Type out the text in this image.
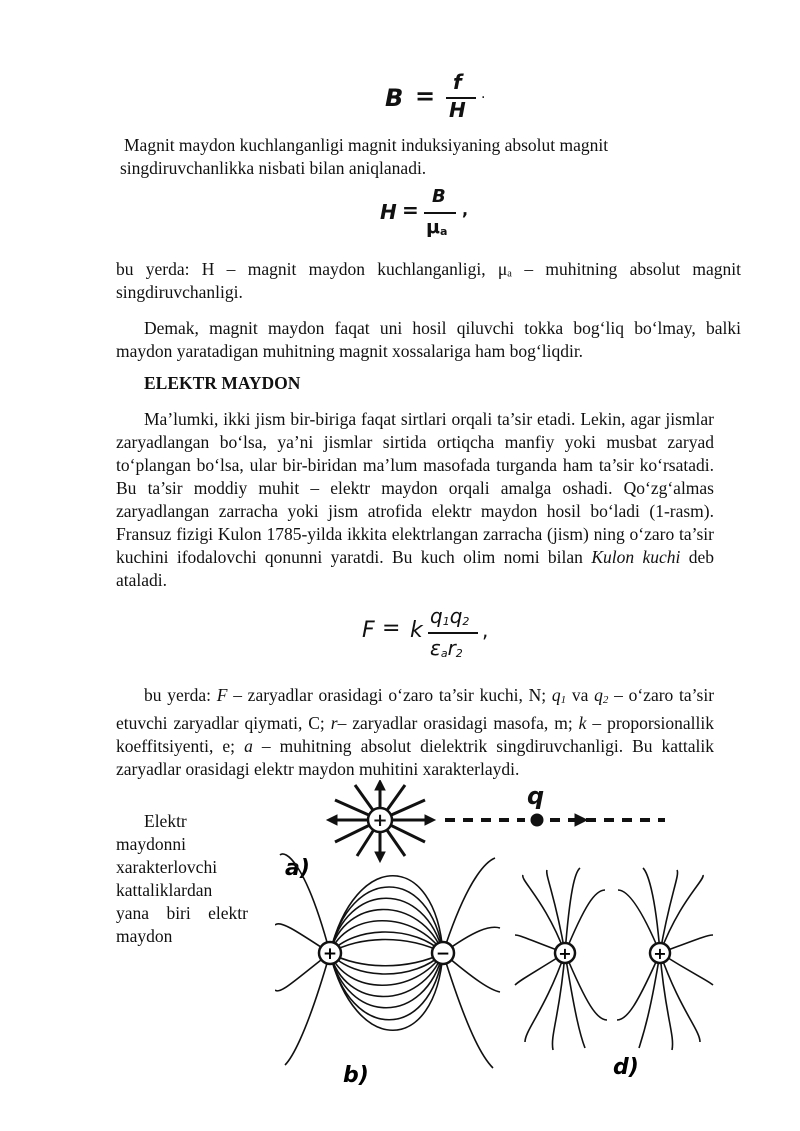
B = f
H
.

Magnit maydon kuchlanganligi magnit induksiyaning absolut magnit singdiruvchanlikka nisbati bilan aniqlanadi.

H =
B
$\mu_a$
,

bu yerda: H – magnit maydon kuchlanganligi, μₐ – muhitning absolut magnit singdiruvchanligi.

Demak, magnit maydon faqat uni hosil qiluvchi tokka bog‘liq bo‘lmay, balki maydon yaratadigan muhitning magnit xossalariga ham bog‘liqdir.

ELEKTR MAYDON

Ma’lumki, ikki jism bir-biriga faqat sirtlari orqali ta’sir etadi. Lekin, agar jismlar zaryadlangan bo‘lsa, ya’ni jismlar sirtida ortiqcha manfiy yoki musbat zaryad to‘plangan bo‘lsa, ular bir-biridan ma’lum masofada turganda ham ta’sir ko‘rsatadi. Bu ta’sir moddiy muhit – elektr maydon orqali amalga oshadi. Qo‘zg‘almas zaryadlangan zarracha yoki jism atrofida elektr maydon hosil bo‘ladi (1-rasm). Fransuz fizigi Kulon 1785-yilda ikkita elektrlangan zarracha (jism) ning o‘zaro ta’sir kuchini ifodalovchi qonunni yaratdi. Bu kuch olim nomi bilan Kulon kuchi deb ataladi.

F = k
$q_1q_2$
$\varepsilon_ar_2$
,

bu yerda: F – zaryadlar orasidagi o‘zaro ta’sir kuchi, N; $q_1$ va $q_2$ – o‘zaro ta’sir etuvchi zaryadlar qiymati, C; r– zaryadlar orasidagi masofa, m; k – proporsionallik koeffitsiyenti, e; a – muhitning absolut dielektrik singdiruvchanligi. Bu kattalik zaryadlar orasidagi elektr maydon muhitini xarakterlaydi.

Elektr maydonni xarakterlovchi kattaliklardan yana biri elektr maydon

+
q
a)
+	−
b)
+	+
d)
